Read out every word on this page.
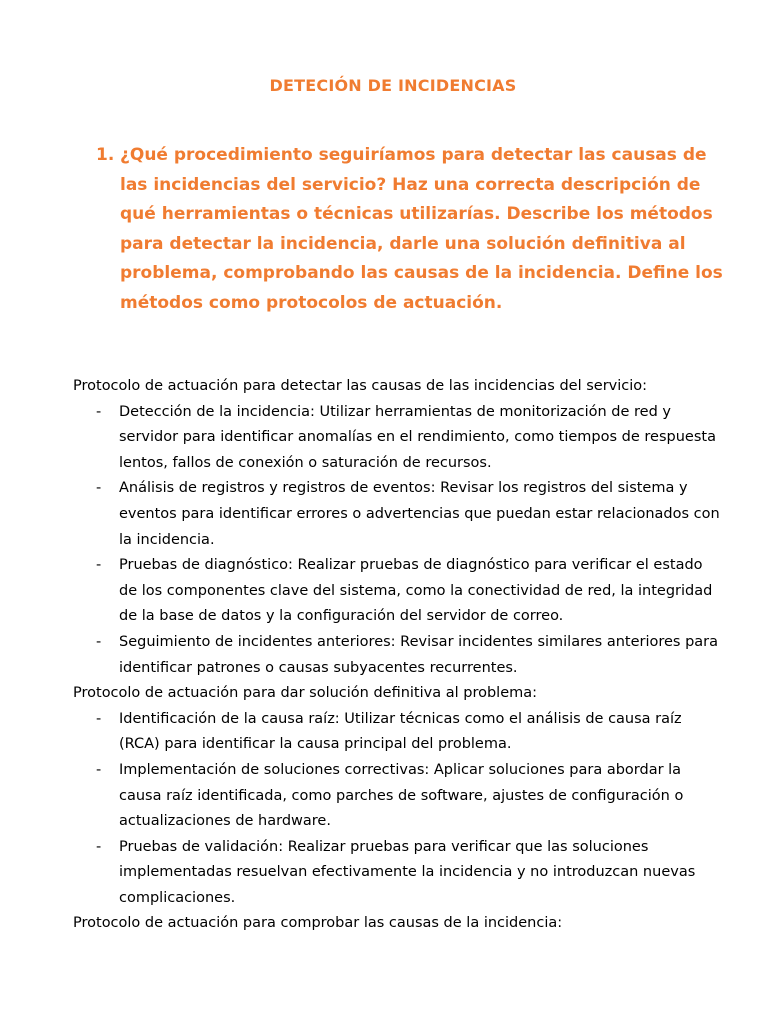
DETECIÓN DE INCIDENCIAS
1. ¿Qué procedimiento seguiríamos para detectar las causas de las incidencias del servicio? Haz una correcta descripción de qué herramientas o técnicas utilizarías. Describe los métodos para detectar la incidencia, darle una solución definitiva al problema, comprobando las causas de la incidencia. Define los métodos como protocolos de actuación.

Protocolo de actuación para detectar las causas de las incidencias del servicio:

- Detección de la incidencia: Utilizar herramientas de monitorización de red y servidor para identificar anomalías en el rendimiento, como tiempos de respuesta lentos, fallos de conexión o saturación de recursos.
- Análisis de registros y registros de eventos: Revisar los registros del sistema y eventos para identificar errores o advertencias que puedan estar relacionados con la incidencia.
- Pruebas de diagnóstico: Realizar pruebas de diagnóstico para verificar el estado de los componentes clave del sistema, como la conectividad de red, la integridad de la base de datos y la configuración del servidor de correo.
- Seguimiento de incidentes anteriores: Revisar incidentes similares anteriores para identificar patrones o causas subyacentes recurrentes.

Protocolo de actuación para dar solución definitiva al problema:

- Identificación de la causa raíz: Utilizar técnicas como el análisis de causa raíz (RCA) para identificar la causa principal del problema.
- Implementación de soluciones correctivas: Aplicar soluciones para abordar la causa raíz identificada, como parches de software, ajustes de configuración o actualizaciones de hardware.
- Pruebas de validación: Realizar pruebas para verificar que las soluciones implementadas resuelvan efectivamente la incidencia y no introduzcan nuevas complicaciones.

Protocolo de actuación para comprobar las causas de la incidencia:
